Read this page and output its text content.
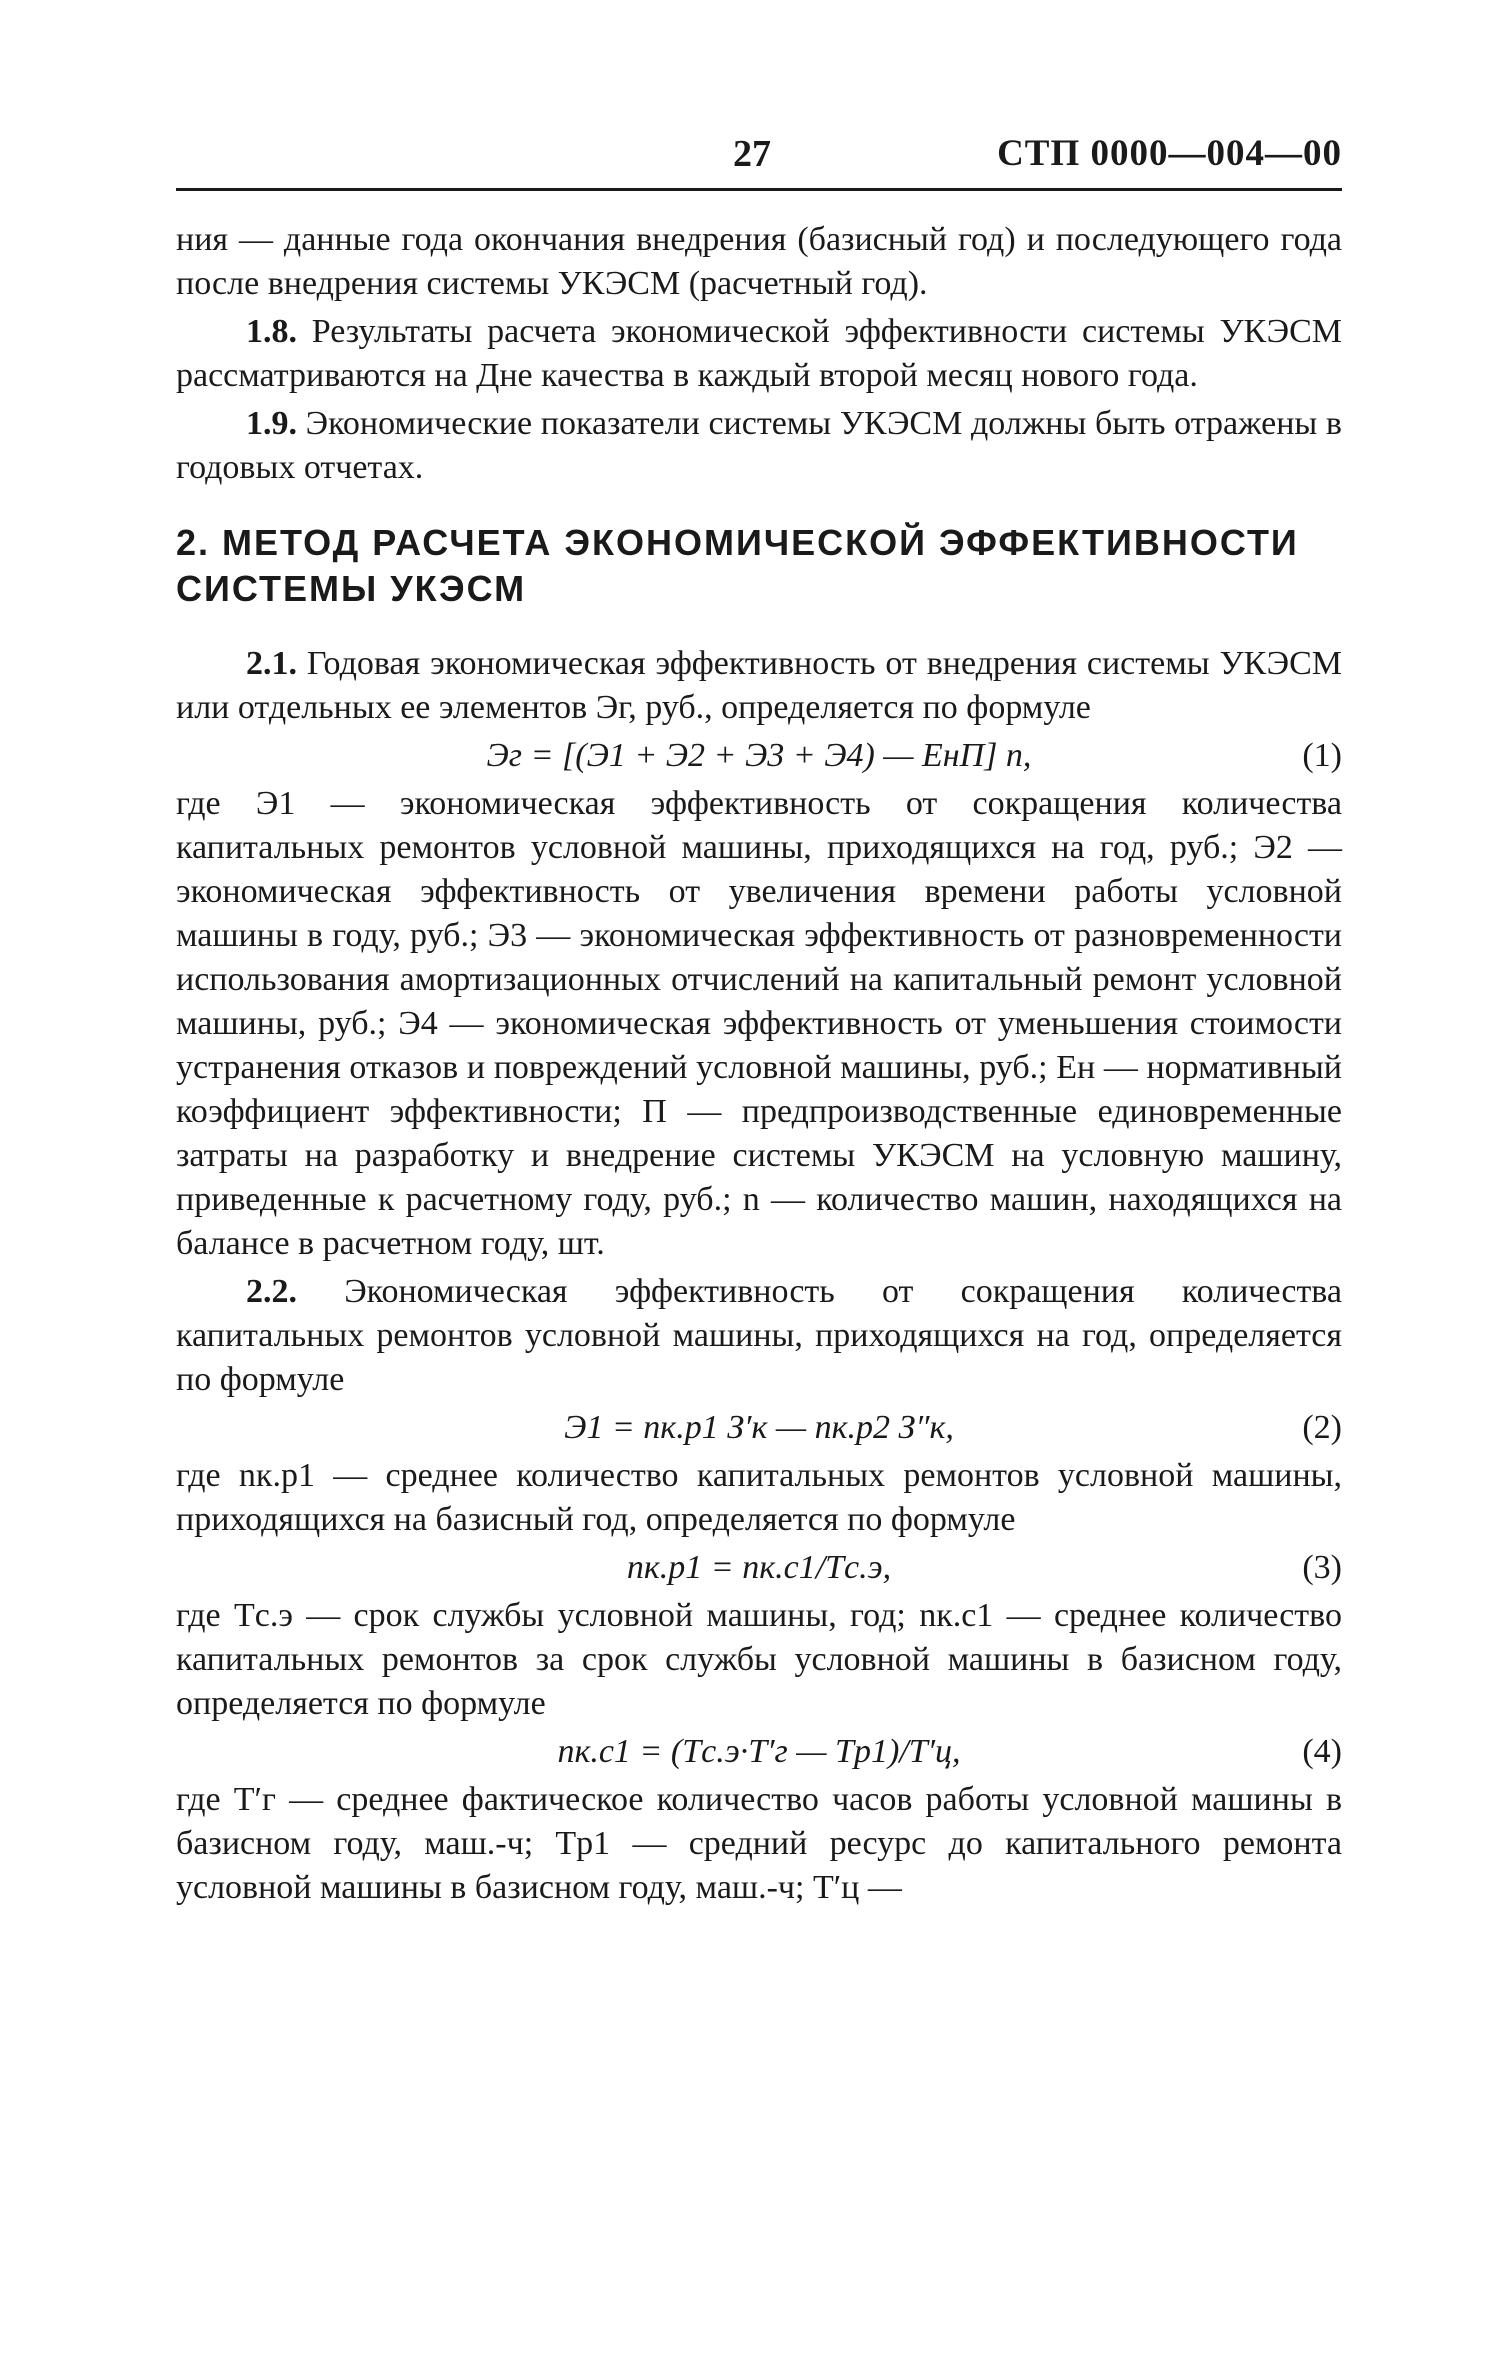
27	СТП 0000—004—00

ния — данные года окончания внедрения (базисный год) и последующего года после внедрения системы УКЭСМ (расчетный год).

1.8. Результаты расчета экономической эффективности системы УКЭСМ рассматриваются на Дне качества в каждый второй месяц нового года.

1.9. Экономические показатели системы УКЭСМ должны быть отражены в годовых отчетах.

2. МЕТОД РАСЧЕТА ЭКОНОМИЧЕСКОЙ ЭФФЕКТИВНОСТИ СИСТЕМЫ УКЭСМ

2.1. Годовая экономическая эффективность от внедрения системы УКЭСМ или отдельных ее элементов Эг, руб., определяется по формуле

Эг = [(Э1 + Э2 + Э3 + Э4) — EнП] n,	(1)

где Э1 — экономическая эффективность от сокращения количества капитальных ремонтов условной машины, приходящихся на год, руб.; Э2 — экономическая эффективность от увеличения времени работы условной машины в году, руб.; Э3 — экономическая эффективность от разновременности использования амортизационных отчислений на капитальный ремонт условной машины, руб.; Э4 — экономическая эффективность от уменьшения стоимости устранения отказов и повреждений условной машины, руб.; Eн — нормативный коэффициент эффективности; П — предпроизводственные единовременные затраты на разработку и внедрение системы УКЭСМ на условную машину, приведенные к расчетному году, руб.; n — количество машин, находящихся на балансе в расчетном году, шт.

2.2. Экономическая эффективность от сокращения количества капитальных ремонтов условной машины, приходящихся на год, определяется по формуле

Э1 = nк.р1 З′к — nк.р2 З″к,	(2)

где nк.р1 — среднее количество капитальных ремонтов условной машины, приходящихся на базисный год, определяется по формуле

nк.р1 = nк.с1/Tс.э,	(3)

где Tс.э — срок службы условной машины, год; nк.с1 — среднее количество капитальных ремонтов за срок службы условной машины в базисном году, определяется по формуле

nк.с1 = (Tс.э·T′г — Tр1)/T′ц,	(4)

где T′г — среднее фактическое количество часов работы условной машины в базисном году, маш.-ч; Tр1 — средний ресурс до капитального ремонта условной машины в базисном году, маш.-ч; T′ц —
